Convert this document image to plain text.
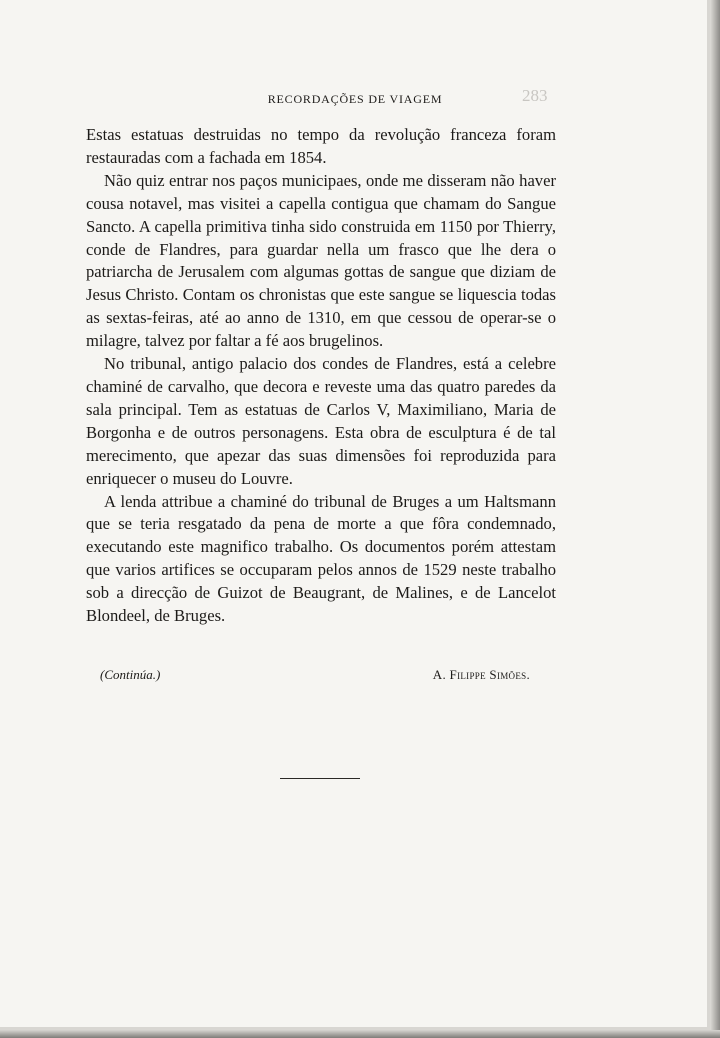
RECORDAÇÕES DE VIAGEM	283

Estas estatuas destruidas no tempo da revolução franceza foram restauradas com a fachada em 1854.

Não quiz entrar nos paços municipaes, onde me disseram não haver cousa notavel, mas visitei a capella contigua que chamam do Sangue Sancto. A capella primitiva tinha sido construida em 1150 por Thierry, conde de Flandres, para guardar nella um frasco que lhe dera o patriarcha de Jerusalem com algumas gottas de sangue que diziam de Jesus Christo. Contam os chronistas que este sangue se liquescia todas as sextas-feiras, até ao anno de 1310, em que cessou de operar-se o milagre, talvez por faltar a fé aos brugelinos.

No tribunal, antigo palacio dos condes de Flandres, está a celebre chaminé de carvalho, que decora e reveste uma das quatro paredes da sala principal. Tem as estatuas de Carlos V, Maximiliano, Maria de Borgonha e de outros personagens. Esta obra de esculptura é de tal merecimento, que apezar das suas dimensões foi reproduzida para enriquecer o museu do Louvre.

A lenda attribue a chaminé do tribunal de Bruges a um Haltsmann que se teria resgatado da pena de morte a que fôra condemnado, executando este magnifico trabalho. Os documentos porém attestam que varios artifices se occuparam pelos annos de 1529 neste trabalho sob a direcção de Guizot de Beaugrant, de Malines, e de Lancelot Blondeel, de Bruges.

(Continúa.)	A. Filippe Simões.
